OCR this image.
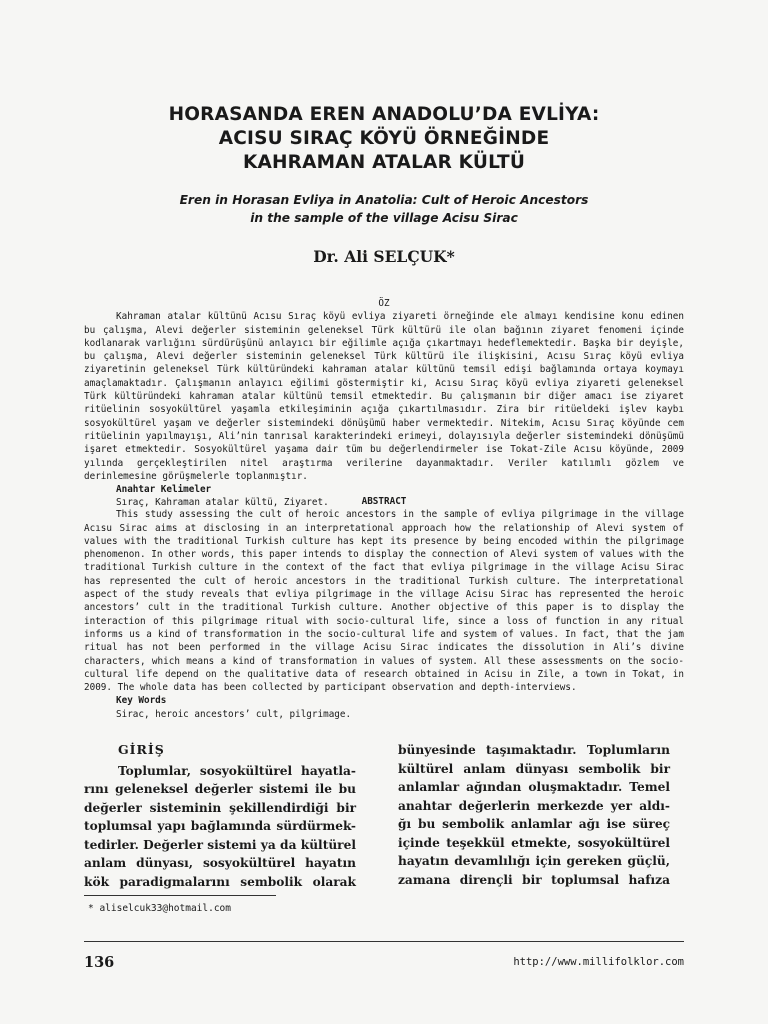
HORASANDA EREN ANADOLU’DA EVLİYA:
ACISU SIRAÇ KÖYÜ ÖRNEĞİNDE
KAHRAMAN ATALAR KÜLTÜ
Eren in Horasan Evliya in Anatolia: Cult of Heroic Ancestors
in the sample of the village Acisu Sirac
Dr. Ali SELÇUK*
ÖZ
Kahraman atalar kültünü Acısu Sıraç köyü evliya ziyareti örneğinde ele almayı kendisine konu edinen bu çalışma, Alevi değerler sisteminin geleneksel Türk kültürü ile olan bağının ziyaret fenomeni içinde kodlanarak varlığını sürdürüşünü anlayıcı bir eğilimle açığa çıkartmayı hedeflemektedir. Başka bir deyişle, bu çalışma, Alevi değerler sisteminin geleneksel Türk kültürü ile ilişkisini, Acısu Sıraç köyü evliya ziyaretinin geleneksel Türk kültüründeki kahraman atalar kültünü temsil edişi bağlamında ortaya koymayı amaçlamaktadır. Çalışmanın anlayıcı eğilimi göstermiştir ki, Acısu Sıraç köyü evliya ziyareti geleneksel Türk kültüründeki kahraman atalar kültünü temsil etmektedir. Bu çalışmanın bir diğer amacı ise ziyaret ritüelinin sosyokültürel yaşamla etkileşiminin açığa çıkartılmasıdır. Zira bir ritüeldeki işlev kaybı sosyokültürel yaşam ve değerler sistemindeki dönüşümü haber vermektedir. Nitekim, Acısu Sıraç köyünde cem ritüelinin yapılmayışı, Ali’nin tanrısal karakterindeki erimeyi, dolayısıyla değerler sistemindeki dönüşümü işaret etmektedir. Sosyokültürel yaşama dair tüm bu değerlendirmeler ise Tokat-Zile Acısu köyünde, 2009 yılında gerçekleştirilen nitel araştırma verilerine dayanmaktadır. Veriler katılımlı gözlem ve derinlemesine görüşmelerle toplanmıştır.
Anahtar Kelimeler
Sıraç, Kahraman atalar kültü, Ziyaret.	ABSTRACT
This study assessing the cult of heroic ancestors in the sample of evliya pilgrimage in the village Acısu Sirac aims at disclosing in an interpretational approach how the relationship of Alevi system of values with the traditional Turkish culture has kept its presence by being encoded within the pilgrimage phenomenon. In other words, this paper intends to display the connection of Alevi system of values with the traditional Turkish culture in the context of the fact that evliya pilgrimage in the village Acisu Sirac has represented the cult of heroic ancestors in the traditional Turkish culture. The interpretational aspect of the study reveals that evliya pilgrimage in the village Acisu Sirac has represented the heroic ancestors’ cult in the traditional Turkish culture. Another objective of this paper is to display the interaction of this pilgrimage ritual with socio-cultural life, since a loss of function in any ritual informs us a kind of transformation in the socio-cultural life and system of values. In fact, that the jam ritual has not been performed in the village Acisu Sirac indicates the dissolution in Ali’s divine characters, which means a kind of transformation in values of system. All these assessments on the socio-cultural life depend on the qualitative data of research obtained in Acisu in Zile, a town in Tokat, in 2009. The whole data has been collected by participant observation and depth-interviews.
Key Words
Sirac, heroic ancestors’ cult, pilgrimage.
GİRİŞ
Toplumlar, sosyokültürel hayatla-
rını geleneksel değerler sistemi ile bu
değerler sisteminin şekillendirdiği bir
toplumsal yapı bağlamında sürdürmek-
tedirler. Değerler sistemi ya da kültürel
anlam dünyası, sosyokültürel hayatın
kök paradigmalarını sembolik olarak
bünyesinde taşımaktadır. Toplumların
kültürel anlam dünyası sembolik bir
anlamlar ağından oluşmaktadır. Temel
anahtar değerlerin merkezde yer aldı-
ğı bu sembolik anlamlar ağı ise süreç
içinde teşekkül etmekte, sosyokültürel
hayatın devamlılığı için gereken güçlü,
zamana dirençli bir toplumsal hafıza
* aliselcuk33@hotmail.com
136	http://www.millifolklor.com
